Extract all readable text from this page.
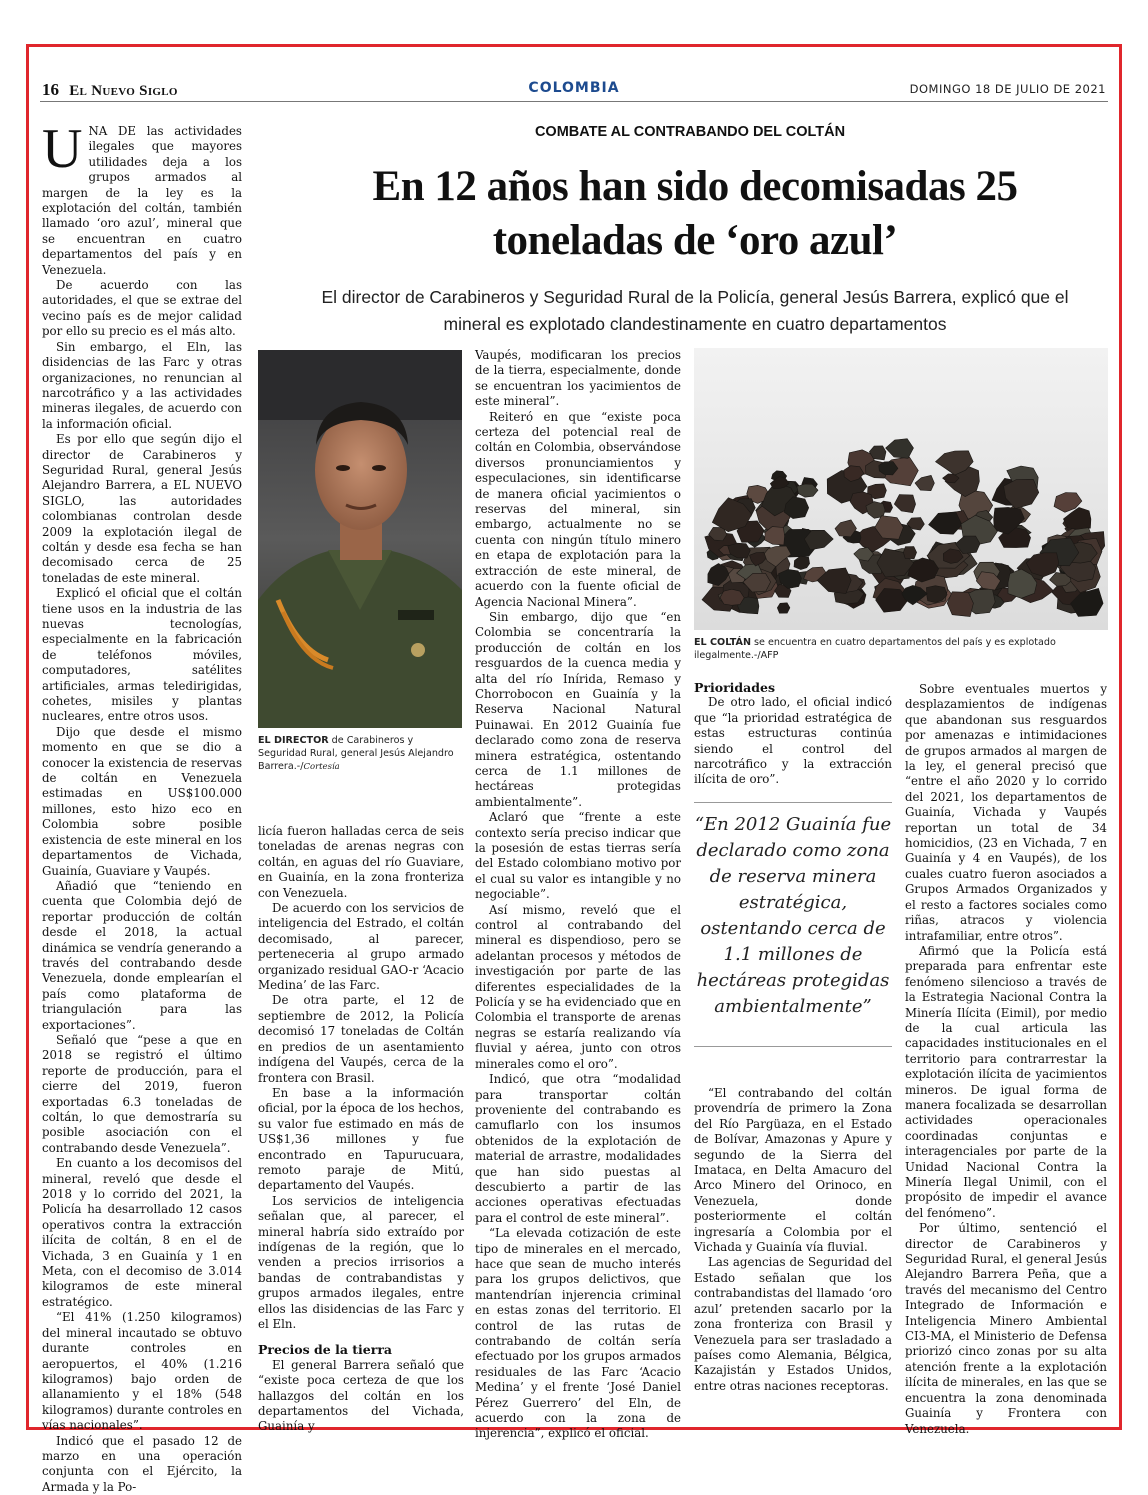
16 El Nuevo Siglo	COLOMBIA	DOMINGO 18 DE JULIO DE 2021
COMBATE AL CONTRABANDO DEL COLTÁN
En 12 años han sido decomisadas 25 toneladas de ‘oro azul’
El director de Carabineros y Seguridad Rural de la Policía, general Jesús Barrera, explicó que el mineral es explotado clandestinamente en cuatro departamentos

UNA DE las actividades ilegales que mayores utilidades deja a los grupos armados al margen de la ley es la explotación del coltán, también llamado ‘oro azul’, mineral que se encuentran en cuatro departamentos del país y en Venezuela.

De acuerdo con las autoridades, el que se extrae del vecino país es de mejor calidad por ello su precio es el más alto.

Sin embargo, el Eln, las disidencias de las Farc y otras organizaciones, no renuncian al narcotráfico y a las actividades mineras ilegales, de acuerdo con la información oficial.

Es por ello que según dijo el director de Carabineros y Seguridad Rural, general Jesús Alejandro Barrera, a EL NUEVO SIGLO, las autoridades colombianas controlan desde 2009 la explotación ilegal de coltán y desde esa fecha se han decomisado cerca de 25 toneladas de este mineral.

Explicó el oficial que el coltán tiene usos en la industria de las nuevas tecnologías, especialmente en la fabricación de teléfonos móviles, computadores, satélites artificiales, armas teledirigidas, cohetes, misiles y plantas nucleares, entre otros usos.

Dijo que desde el mismo momento en que se dio a conocer la existencia de reservas de coltán en Venezuela estimadas en US$100.000 millones, esto hizo eco en Colombia sobre posible existencia de este mineral en los departamentos de Vichada, Guainía, Guaviare y Vaupés.

Añadió que “teniendo en cuenta que Colombia dejó de reportar producción de coltán desde el 2018, la actual dinámica se vendría generando a través del contrabando desde Venezuela, donde emplearían el país como plataforma de triangulación para las exportaciones”.

Señaló que “pese a que en 2018 se registró el último reporte de producción, para el cierre del 2019, fueron exportadas 6.3 toneladas de coltán, lo que demostraría su posible asociación con el contrabando desde Venezuela”.

En cuanto a los decomisos del mineral, reveló que desde el 2018 y lo corrido del 2021, la Policía ha desarrollado 12 casos operativos contra la extracción ilícita de coltán, 8 en el de Vichada, 3 en Guainía y 1 en Meta, con el decomiso de 3.014 kilogramos de este mineral estratégico.

“El 41% (1.250 kilogramos) del mineral incautado se obtuvo durante controles en aeropuertos, el 40% (1.216 kilogramos) bajo orden de allanamiento y el 18% (548 kilogramos) durante controles en vías nacionales”.

Indicó que el pasado 12 de marzo en una operación conjunta con el Ejército, la Armada y la Po-

EL DIRECTOR de Carabineros y Seguridad Rural, general Jesús Alejandro Barrera.-/Cortesía

licía fueron halladas cerca de seis toneladas de arenas negras con coltán, en aguas del río Guaviare, en Guainía, en la zona fronteriza con Venezuela.

De acuerdo con los servicios de inteligencia del Estrado, el coltán decomisado, al parecer, perteneceria al grupo armado organizado residual GAO-r ‘Acacio Medina’ de las Farc.

De otra parte, el 12 de septiembre de 2012, la Policía decomisó 17 toneladas de Coltán en predios de un asentamiento indígena del Vaupés, cerca de la frontera con Brasil.

En base a la información oficial, por la época de los hechos, su valor fue estimado en más de US$1,36 millones y fue encontrado en Tapurucuara, remoto paraje de Mitú, departamento del Vaupés.

Los servicios de inteligencia señalan que, al parecer, el mineral habría sido extraído por indígenas de la región, que lo venden a precios irrisorios a bandas de contrabandistas y grupos armados ilegales, entre ellos las disidencias de las Farc y el Eln.

Precios de la tierra

El general Barrera señaló que “existe poca certeza de que los hallazgos del coltán en los departamentos del Vichada, Guainía y

Vaupés, modificaran los precios de la tierra, especialmente, donde se encuentran los yacimientos de este mineral”.

Reiteró en que “existe poca certeza del potencial real de coltán en Colombia, observándose diversos pronunciamientos y especulaciones, sin identificarse de manera oficial yacimientos o reservas del mineral, sin embargo, actualmente no se cuenta con ningún título minero en etapa de explotación para la extracción de este mineral, de acuerdo con la fuente oficial de Agencia Nacional Minera”.

Sin embargo, dijo que “en Colombia se concentraría la producción de coltán en los resguardos de la cuenca media y alta del río Inírida, Remaso y Chorrobocon en Guainía y la Reserva Nacional Natural Puinawai. En 2012 Guainía fue declarado como zona de reserva minera estratégica, ostentando cerca de 1.1 millones de hectáreas protegidas ambientalmente”.

Aclaró que “frente a este contexto sería preciso indicar que la posesión de estas tierras sería del Estado colombiano motivo por el cual su valor es intangible y no negociable”.

Así mismo, reveló que el control al contrabando del mineral es dispendioso, pero se adelantan procesos y métodos de investigación por parte de las diferentes especialidades de la Policía y se ha evidenciado que en Colombia el transporte de arenas negras se estaría realizando vía fluvial y aérea, junto con otros minerales como el oro”.

Indicó, que otra “modalidad para transportar coltán proveniente del contrabando es camuflarlo con los insumos obtenidos de la explotación de material de arrastre, modalidades que han sido puestas al descubierto a partir de las acciones operativas efectuadas para el control de este mineral”.

“La elevada cotización de este tipo de minerales en el mercado, hace que sean de mucho interés para los grupos delictivos, que mantendrían injerencia criminal en estas zonas del territorio. El control de las rutas de contrabando de coltán sería efectuado por los grupos armados residuales de las Farc ‘Acacio Medina’ y el frente ‘José Daniel Pérez Guerrero’ del Eln, de acuerdo con la zona de injerencia”, explicó el oficial.

EL COLTÁN se encuentra en cuatro departamentos del país y es explotado ilegalmente.-/AFP

Prioridades

De otro lado, el oficial indicó que “la prioridad estratégica de estas estructuras continúa siendo el control del narcotráfico y la extracción ilícita de oro”.

“En 2012 Guainía fue declarado como zona de reserva minera estratégica, ostentando cerca de 1.1 millones de hectáreas protegidas ambientalmente”

“El contrabando del coltán provendría de primero la Zona del Río Pargüaza, en el Estado de Bolívar, Amazonas y Apure y segundo de la Sierra del Imataca, en Delta Amacuro del Arco Minero del Orinoco, en Venezuela, donde posteriormente el coltán ingresaría a Colombia por el Vichada y Guainía vía fluvial.

Las agencias de Seguridad del Estado señalan que los contrabandistas del llamado ‘oro azul’ pretenden sacarlo por la zona fronteriza con Brasil y Venezuela para ser trasladado a países como Alemania, Bélgica, Kazajistán y Estados Unidos, entre otras naciones receptoras.

Sobre eventuales muertos y desplazamientos de indígenas que abandonan sus resguardos por amenazas e intimidaciones de grupos armados al margen de la ley, el general precisó que “entre el año 2020 y lo corrido del 2021, los departamentos de Guainía, Vichada y Vaupés reportan un total de 34 homicidios, (23 en Vichada, 7 en Guainía y 4 en Vaupés), de los cuales cuatro fueron asociados a Grupos Armados Organizados y el resto a factores sociales como riñas, atracos y violencia intrafamiliar, entre otros”.

Afirmó que la Policía está preparada para enfrentar este fenómeno silencioso a través de la Estrategia Nacional Contra la Minería Ilícita (Eimil), por medio de la cual articula las capacidades institucionales en el territorio para contrarrestar la explotación ilícita de yacimientos mineros. De igual forma de manera focalizada se desarrollan actividades operacionales coordinadas conjuntas e interagenciales por parte de la Unidad Nacional Contra la Minería Ilegal Unimil, con el propósito de impedir el avance del fenómeno”.

Por último, sentenció el director de Carabineros y Seguridad Rural, el general Jesús Alejandro Barrera Peña, que a través del mecanismo del Centro Integrado de Información e Inteligencia Minero Ambiental CI3-MA, el Ministerio de Defensa priorizó cinco zonas por su alta atención frente a la explotación ilícita de minerales, en las que se encuentra la zona denominada Guainía y Frontera con Venezuela.
